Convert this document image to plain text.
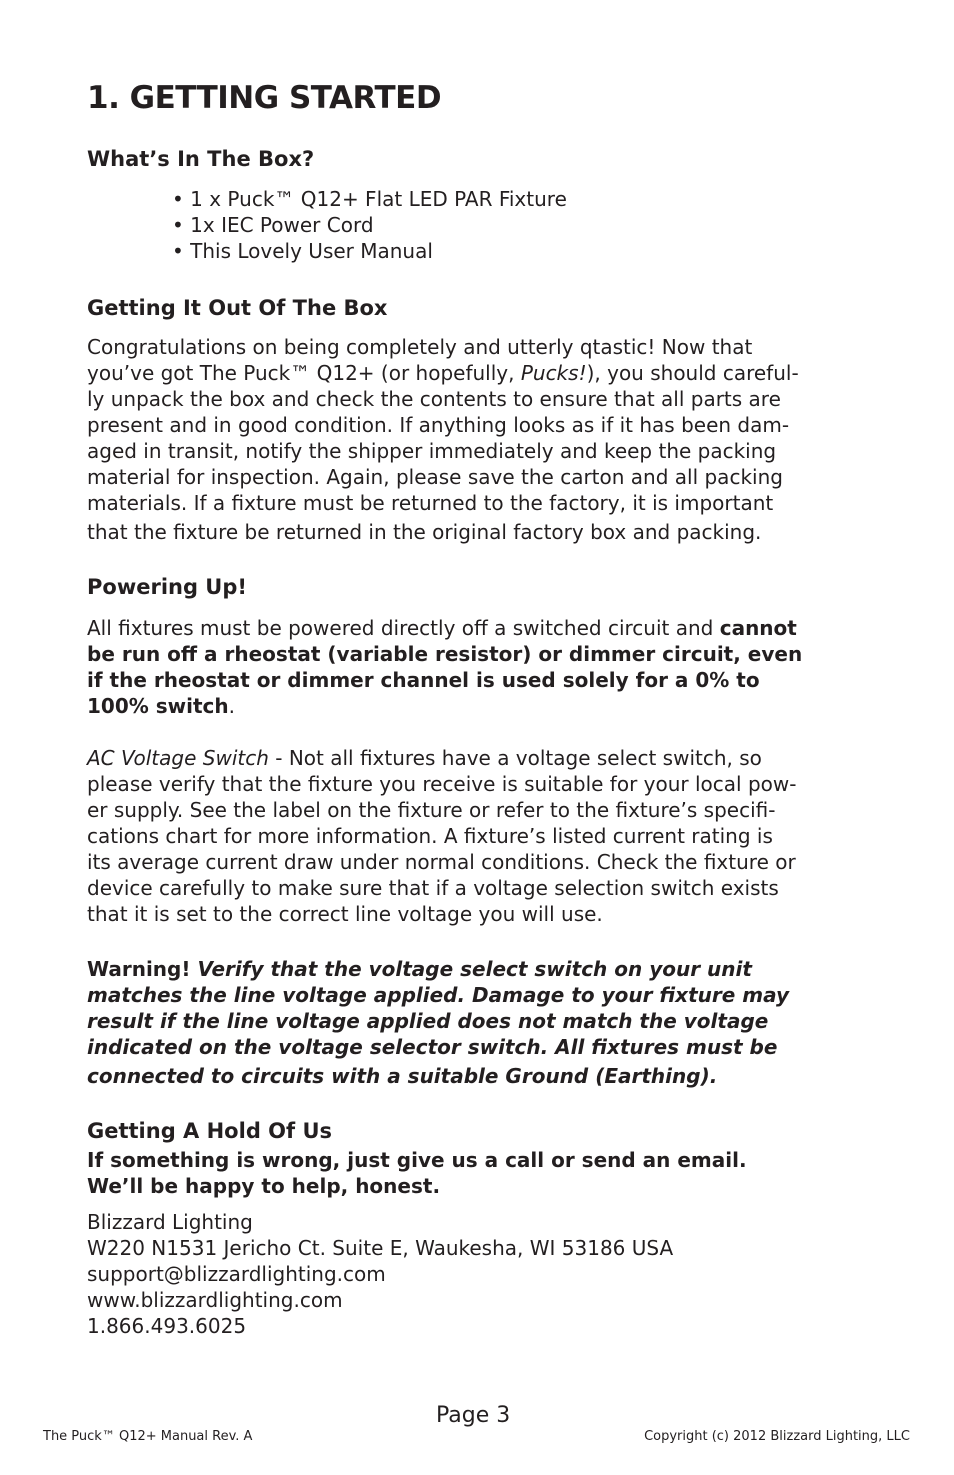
1. GETTING STARTED
What’s In The Box?
• 1 x Puck™ Q12+ Flat LED PAR Fixture
• 1x IEC Power Cord
• This Lovely User Manual
Getting It Out Of The Box
Congratulations on being completely and utterly qtastic! Now that
you’ve got The Puck™ Q12+ (or hopefully, Pucks!), you should careful-
ly unpack the box and check the contents to ensure that all parts are
present and in good condition. If anything looks as if it has been dam-
aged in transit, notify the shipper immediately and keep the packing
material for inspection. Again, please save the carton and all packing
materials. If a fixture must be returned to the factory, it is important
that the fixture be returned in the original factory box and packing.
Powering Up!
All fixtures must be powered directly off a switched circuit and cannot
be run off a rheostat (variable resistor) or dimmer circuit, even
if the rheostat or dimmer channel is used solely for a 0% to
100% switch.
AC Voltage Switch - Not all fixtures have a voltage select switch, so
please verify that the fixture you receive is suitable for your local pow-
er supply. See the label on the fixture or refer to the fixture’s specifi-
cations chart for more information. A fixture’s listed current rating is
its average current draw under normal conditions. Check the fixture or
device carefully to make sure that if a voltage selection switch exists
that it is set to the correct line voltage you will use.
Warning! Verify that the voltage select switch on your unit
matches the line voltage applied. Damage to your fixture may
result if the line voltage applied does not match the voltage
indicated on the voltage selector switch. All fixtures must be
connected to circuits with a suitable Ground (Earthing).
Getting A Hold Of Us
If something is wrong, just give us a call or send an email.
We’ll be happy to help, honest.
Blizzard Lighting
W220 N1531 Jericho Ct. Suite E, Waukesha, WI 53186 USA
support@blizzardlighting.com
www.blizzardlighting.com
1.866.493.6025
Page 3
The Puck™ Q12+ Manual Rev. A	Copyright (c) 2012 Blizzard Lighting, LLC
